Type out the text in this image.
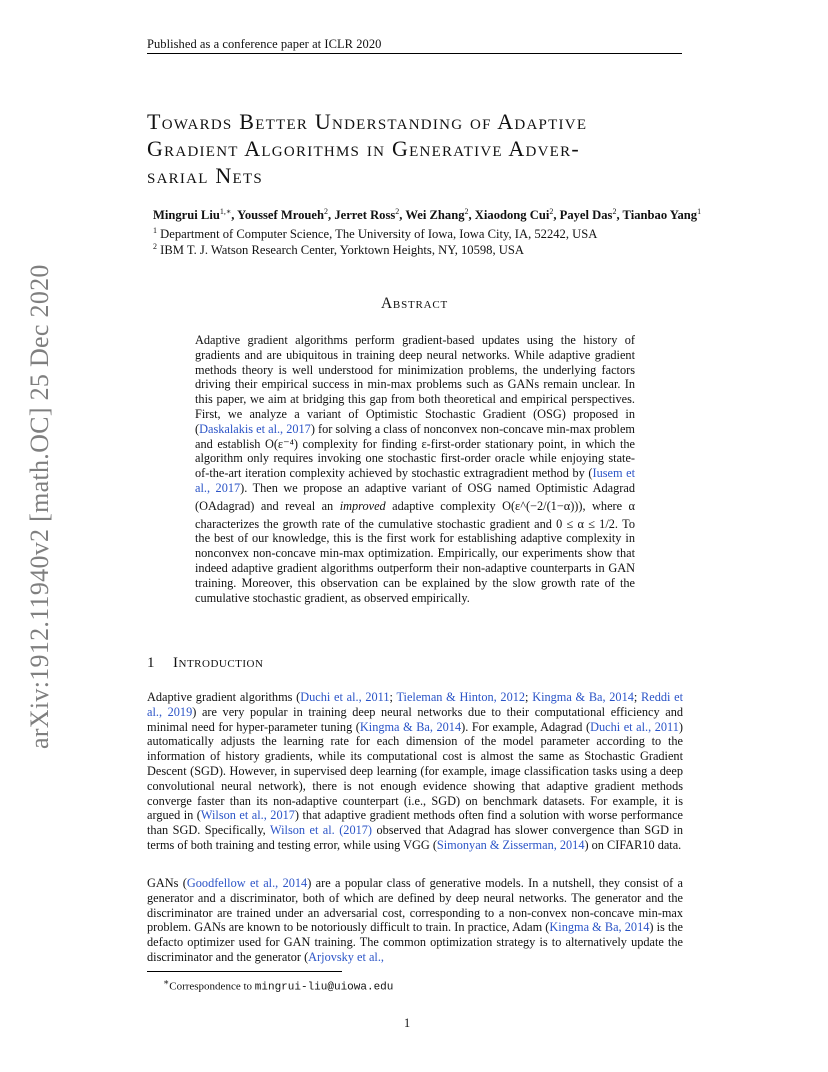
Published as a conference paper at ICLR 2020
arXiv:1912.11940v2 [math.OC] 25 Dec 2020
Towards Better Understanding of Adaptive
Gradient Algorithms in Generative Adver-
sarial Nets
Mingrui Liu$^{1,∗}$, Youssef Mroueh$^2$, Jerret Ross$^2$, Wei Zhang$^2$, Xiaodong Cui$^2$, Payel Das$^2$, Tianbao Yang$^1$
$^1$ Department of Computer Science, The University of Iowa, Iowa City, IA, 52242, USA
$^2$ IBM T. J. Watson Research Center, Yorktown Heights, NY, 10598, USA
Abstract
Adaptive gradient algorithms perform gradient-based updates using the history of gradients and are ubiquitous in training deep neural networks. While adaptive gradient methods theory is well understood for minimization problems, the underlying factors driving their empirical success in min-max problems such as GANs remain unclear. In this paper, we aim at bridging this gap from both theoretical and empirical perspectives. First, we analyze a variant of Optimistic Stochastic Gradient (OSG) proposed in (Daskalakis et al., 2017) for solving a class of nonconvex non-concave min-max problem and establish O(ε⁻⁴) complexity for finding ε-first-order stationary point, in which the algorithm only requires invoking one stochastic first-order oracle while enjoying state-of-the-art iteration complexity achieved by stochastic extragradient method by (Iusem et al., 2017). Then we propose an adaptive variant of OSG named Optimistic Adagrad (OAdagrad) and reveal an improved adaptive complexity O(ε^(−2/(1−α))), where α characterizes the growth rate of the cumulative stochastic gradient and 0 ≤ α ≤ 1/2. To the best of our knowledge, this is the first work for establishing adaptive complexity in nonconvex non-concave min-max optimization. Empirically, our experiments show that indeed adaptive gradient algorithms outperform their non-adaptive counterparts in GAN training. Moreover, this observation can be explained by the slow growth rate of the cumulative stochastic gradient, as observed empirically.
1 Introduction
Adaptive gradient algorithms (Duchi et al., 2011; Tieleman & Hinton, 2012; Kingma & Ba, 2014; Reddi et al., 2019) are very popular in training deep neural networks due to their computational efficiency and minimal need for hyper-parameter tuning (Kingma & Ba, 2014). For example, Adagrad (Duchi et al., 2011) automatically adjusts the learning rate for each dimension of the model parameter according to the information of history gradients, while its computational cost is almost the same as Stochastic Gradient Descent (SGD). However, in supervised deep learning (for example, image classification tasks using a deep convolutional neural network), there is not enough evidence showing that adaptive gradient methods converge faster than its non-adaptive counterpart (i.e., SGD) on benchmark datasets. For example, it is argued in (Wilson et al., 2017) that adaptive gradient methods often find a solution with worse performance than SGD. Specifically, Wilson et al. (2017) observed that Adagrad has slower convergence than SGD in terms of both training and testing error, while using VGG (Simonyan & Zisserman, 2014) on CIFAR10 data.
GANs (Goodfellow et al., 2014) are a popular class of generative models. In a nutshell, they consist of a generator and a discriminator, both of which are defined by deep neural networks. The generator and the discriminator are trained under an adversarial cost, corresponding to a non-convex non-concave min-max problem. GANs are known to be notoriously difficult to train. In practice, Adam (Kingma & Ba, 2014) is the defacto optimizer used for GAN training. The common optimization strategy is to alternatively update the discriminator and the generator (Arjovsky et al.,
∗Correspondence to mingrui-liu@uiowa.edu
1
